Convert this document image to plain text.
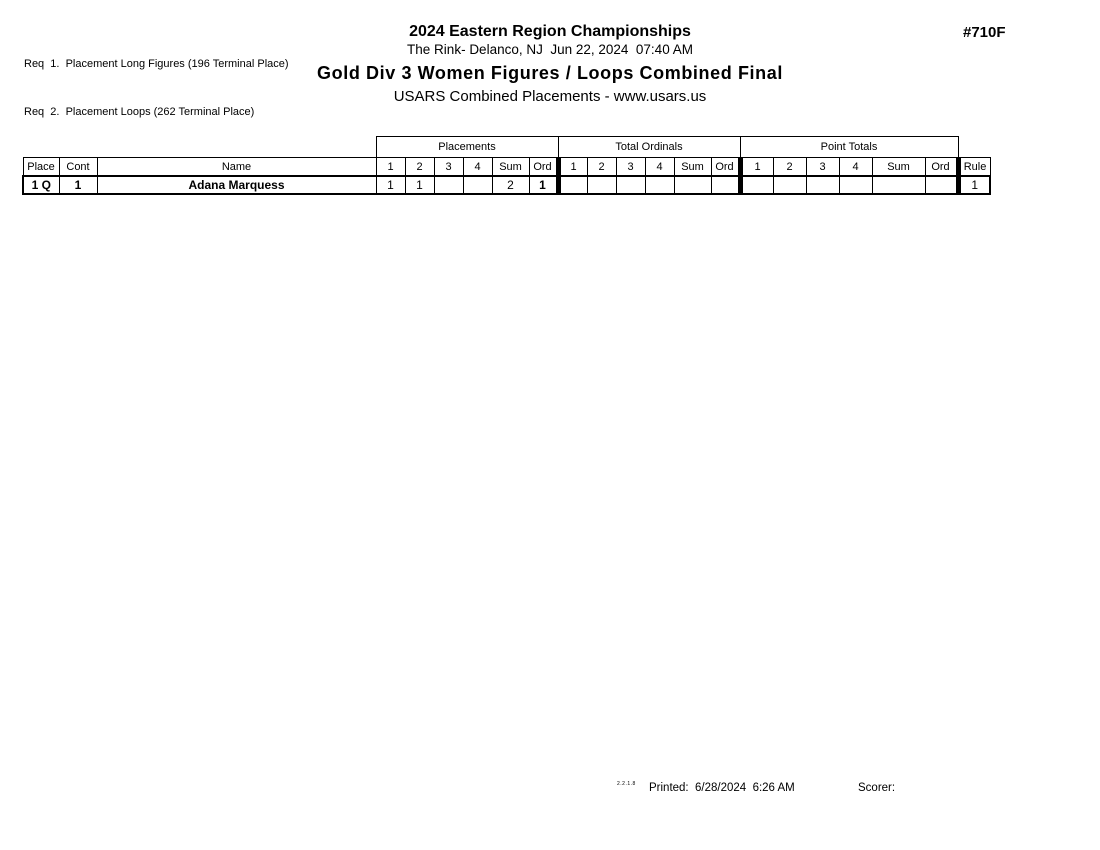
Req  1.  Placement Long Figures (196 Terminal Place)

Req  2.  Placement Loops (262 Terminal Place)

2024 Eastern Region Championships
The Rink- Delanco, NJ  Jun 22, 2024  07:40 AM
Gold Div 3 Women Figures / Loops Combined Final
USARS Combined Placements - www.usars.us
#710F
			Placements						Total Ordinals						Point Totals						
Place	Cont	Name	1	2	3	4	Sum	Ord	1	2	3	4	Sum	Ord	1	2	3	4	Sum	Ord	Rule
1 Q	1	Adana Marquess	1	1			2	1													1
2.2.1.8 Printed:  6/28/2024  6:26 AM	Scorer:
